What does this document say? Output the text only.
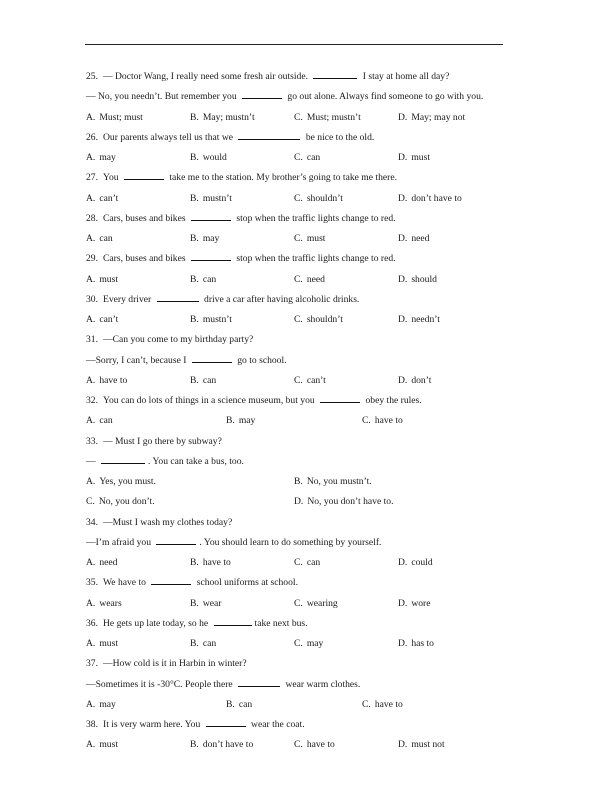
25. — Doctor Wang, I really need some fresh air outside.	I stay at home all day?
— No, you needn’t. But remember you	go out alone. Always find someone to go with you.
A. Must; must	B. May; mustn’t	C. Must; mustn’t	D. May; may not
26. Our parents always tell us that we	be nice to the old.
A. may	B. would	C. can	D. must
27. You	take me to the station. My brother’s going to take me there.
A. can’t	B. mustn’t	C. shouldn’t	D. don’t have to
28. Cars, buses and bikes	stop when the traffic lights change to red.
A. can	B. may	C. must	D. need
29. Cars, buses and bikes	stop when the traffic lights change to red.
A. must	B. can	C. need	D. should
30. Every driver	drive a car after having alcoholic drinks.
A. can’t	B. mustn’t	C. shouldn’t	D. needn’t
31. —Can you come to my birthday party?
—Sorry, I can’t, because I	go to school.
A. have to	B. can	C. can’t	D. don’t
32. You can do lots of things in a science museum, but you	obey the rules.
A. can	B. may	C. have to
33. — Must I go there by subway?
—	. You can take a bus, too.
A. Yes, you must.	B. No, you mustn’t.
C. No, you don’t.	D. No, you don’t have to.
34. —Must I wash my clothes today?
—I’m afraid you	. You should learn to do something by yourself.
A. need	B. have to	C. can	D. could
35. We have to	school uniforms at school.
A. wears	B. wear	C. wearing	D. wore
36. He gets up late today, so he	take next bus.
A. must	B. can	C. may	D. has to
37. —How cold is it in Harbin in winter?
—Sometimes it is -30°C. People there	wear warm clothes.
A. may	B. can	C. have to
38. It is very warm here. You	wear the coat.
A. must	B. don’t have to	C. have to	D. must not
